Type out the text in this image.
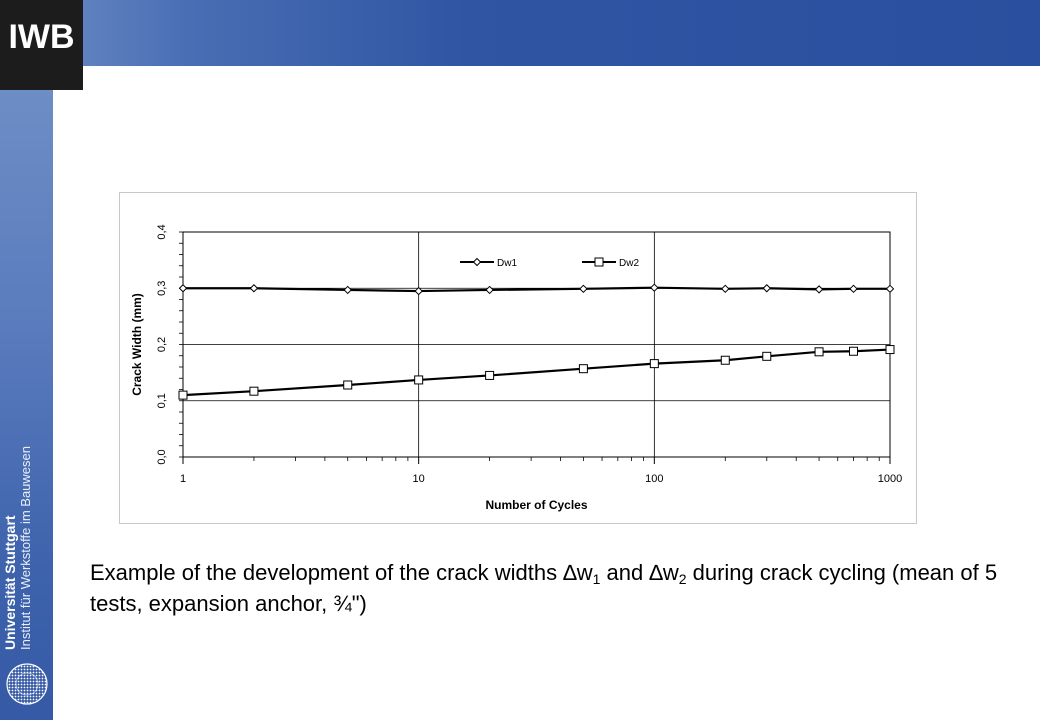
IWB
Universität Stuttgart Institut für Werkstoffe im Bauwesen
Dw1	Dw2
0,0
0,1
0,2
0,3
0,4
1	10	100	1000
Number of Cycles
Crack Width (mm)
Example of the development of the crack widths $\Delta w_1$ and $\Delta w_2$ during crack cycling (mean of 5 tests, expansion anchor, ¾")
